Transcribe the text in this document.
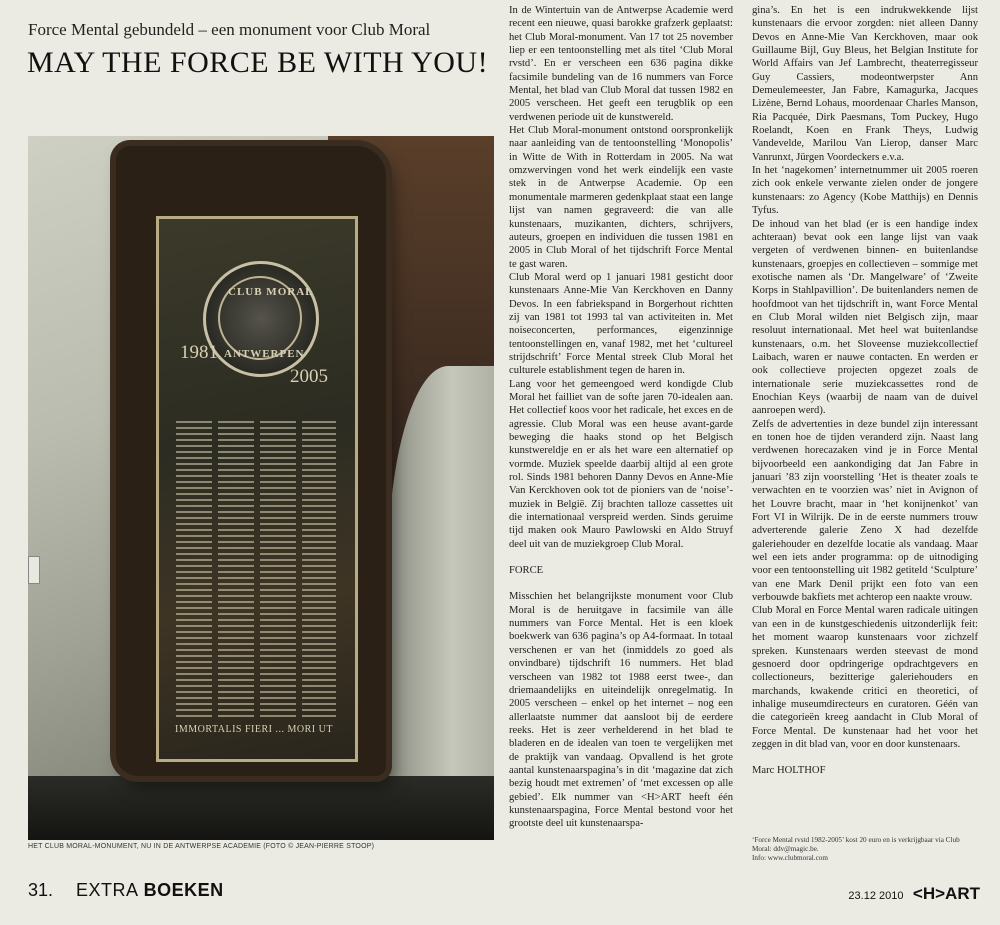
Force Mental gebundeld – een monument voor Club Moral
MAY THE FORCE BE WITH YOU!
CLUB MORAL
ANTWERPEN
1981
2005
IMMORTALIS FIERI ... MORI UT
HET CLUB MORAL-MONUMENT, NU IN DE ANTWERPSE ACADEMIE (FOTO © JEAN-PIERRE STOOP)

In de Wintertuin van de Antwerpse Academie werd recent een nieuwe, quasi barokke grafzerk geplaatst: het Club Moral-monument. Van 17 tot 25 november liep er een tentoonstelling met als titel ‘Club Moral rvstd’. En er verscheen een 636 pagina dikke facsimile bundeling van de 16 nummers van Force Mental, het blad van Club Moral dat tussen 1982 en 2005 verscheen. Het geeft een terugblik op een verdwenen periode uit de kunstwereld.

Het Club Moral-monument ontstond oorspronkelijk naar aanleiding van de tentoonstelling ‘Monopolis’ in Witte de With in Rotterdam in 2005. Na wat omzwervingen vond het werk eindelijk een vaste stek in de Antwerpse Academie. Op een monumentale marmeren gedenkplaat staat een lange lijst van namen gegraveerd: die van alle kunstenaars, muzikanten, dichters, schrijvers, auteurs, groepen en individuen die tussen 1981 en 2005 in Club Moral of het tijdschrift Force Mental te gast waren.

Club Moral werd op 1 januari 1981 gesticht door kunstenaars Anne-Mie Van Kerckhoven en Danny Devos. In een fabriekspand in Borgerhout richtten zij van 1981 tot 1993 tal van activiteiten in. Met noiseconcerten, performances, eigenzinnige tentoonstellingen en, vanaf 1982, met het ‘cultureel strijdschrift’ Force Mental streek Club Moral het culturele establishment tegen de haren in.

Lang voor het gemeengoed werd kondigde Club Moral het failliet van de softe jaren 70-idealen aan. Het collectief koos voor het radicale, het exces en de agressie. Club Moral was een heuse avant-garde beweging die haaks stond op het Belgisch kunstwereldje en er als het ware een alternatief op vormde. Muziek speelde daarbij altijd al een grote rol. Sinds 1981 behoren Danny Devos en Anne-Mie Van Kerckhoven ook tot de pioniers van de ‘noise’-muziek in België. Zij brachten talloze cassettes uit die internationaal verspreid werden. Sinds geruime tijd maken ook Mauro Pawlowski en Aldo Struyf deel uit van de muziekgroep Club Moral.

FORCE

Misschien het belangrijkste monument voor Club Moral is de heruitgave in facsimile van álle nummers van Force Mental. Het is een kloek boekwerk van 636 pagina’s op A4-formaat. In totaal verschenen er van het (inmiddels zo goed als onvindbare) tijdschrift 16 nummers. Het blad verscheen van 1982 tot 1988 eerst twee-, dan driemaandelijks en uiteindelijk onregelmatig. In 2005 verscheen – enkel op het internet – nog een allerlaatste nummer dat aansloot bij de eerdere reeks. Het is zeer verhelderend in het blad te bladeren en de idealen van toen te vergelijken met de praktijk van vandaag. Opvallend is het grote aantal kunstenaarspagina’s in dit ‘magazine dat zich bezig houdt met extremen’ of ‘met excessen op alle gebied’. Elk nummer van <H>ART heeft één kunstenaarspagina, Force Mental bestond voor het grootste deel uit kunstenaarspa-

gina’s. En het is een indrukwekkende lijst kunstenaars die ervoor zorgden: niet alleen Danny Devos en Anne-Mie Van Kerckhoven, maar ook Guillaume Bijl, Guy Bleus, het Belgian Institute for World Affairs van Jef Lambrecht, theaterregisseur Guy Cassiers, modeontwerpster Ann Demeulemeester, Jan Fabre, Kamagurka, Jacques Lizène, Bernd Lohaus, moordenaar Charles Manson, Ria Pacquée, Dirk Paesmans, Tom Puckey, Hugo Roelandt, Koen en Frank Theys, Ludwig Vandevelde, Marilou Van Lierop, danser Marc Vanrunxt, Jürgen Voordeckers e.v.a.

In het ‘nagekomen’ internetnummer uit 2005 roeren zich ook enkele verwante zielen onder de jongere kunstenaars: zo Agency (Kobe Matthijs) en Dennis Tyfus.

De inhoud van het blad (er is een handige index achteraan) bevat ook een lange lijst van vaak vergeten of verdwenen binnen- en buitenlandse kunstenaars, groepjes en collectieven – sommige met exotische namen als ‘Dr. Mangelware’ of ‘Zweite Korps in Stahlpavillion’. De buitenlanders nemen de hoofdmoot van het tijdschrift in, want Force Mental en Club Moral wilden niet Belgisch zijn, maar resoluut internationaal. Met heel wat buitenlandse kunstenaars, o.m. het Sloveense muziekcollectief Laibach, waren er nauwe contacten. En werden er ook collectieve projecten opgezet zoals de internationale serie muziekcassettes rond de Enochian Keys (waarbij de naam van de duivel aanroepen werd).

Zelfs de advertenties in deze bundel zijn interessant en tonen hoe de tijden veranderd zijn. Naast lang verdwenen horecazaken vind je in Force Mental bijvoorbeeld een aankondiging dat Jan Fabre in januari ’83 zijn voorstelling ‘Het is theater zoals te verwachten en te voorzien was’ niet in Avignon of het Louvre bracht, maar in ‘het konijnenkot’ van Fort VI in Wilrijk. De in de eerste nummers trouw adverterende galerie Zeno X had dezelfde galeriehouder en dezelfde locatie als vandaag. Maar wel een iets ander programma: op de uitnodiging voor een tentoonstelling uit 1982 getiteld ‘Sculpture’ van ene Mark Denil prijkt een foto van een verbouwde bakfiets met achterop een naakte vrouw.

Club Moral en Force Mental waren radicale uitingen van een in de kunstgeschiedenis uitzonderlijk feit: het moment waarop kunstenaars voor zichzelf spreken. Kunstenaars werden steevast de mond gesnoerd door opdringerige opdrachtgevers en collectioneurs, bezitterige galeriehouders en marchands, kwakende critici en theoretici, of inhalige museumdirecteurs en curatoren. Géén van die categorieën kreeg aandacht in Club Moral of Force Mental. De kunstenaar had het voor het zeggen in dit blad van, voor en door kunstenaars.

Marc HOLTHOF

‘Force Mental rvstd 1982-2005’ kost 20 euro en is verkrijgbaar via Club Moral: ddv@magic.be.
Info: www.clubmoral.com
31. EXTRA BOEKEN	23.12 2010 <H>ART
